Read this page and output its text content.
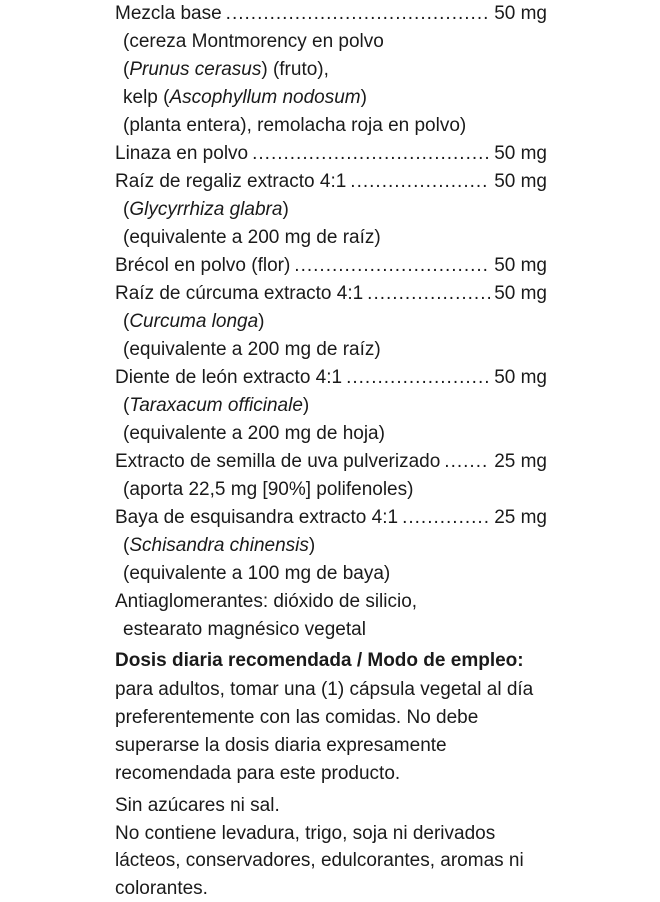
Mezcla base .....	50 mg
(cereza Montmorency en polvo
( Prunus cerasus ) (fruto),
kelp ( Ascophyllum nodosum )
(planta entera), remolacha roja en polvo)
Linaza en polvo .....	50 mg
Raíz de regaliz extracto 4:1 .....	50 mg
( Glycyrrhiza glabra )
(equivalente a 200 mg de raíz)
Brécol en polvo (flor) .....	50 mg
Raíz de cúrcuma extracto 4:1 .....	50 mg
( Curcuma longa )
(equivalente a 200 mg de raíz)
Diente de león extracto 4:1 .....	50 mg
( Taraxacum officinale )
(equivalente a 200 mg de hoja)
Extracto de semilla de uva pulverizado .....	25 mg
(aporta 22,5 mg [90%] polifenoles)
Baya de esquisandra extracto 4:1 .....	25 mg
( Schisandra chinensis )
(equivalente a 100 mg de baya)
Antiaglomerantes: dióxido de silicio,
estearato magnésico vegetal
Dosis diaria recomendada / Modo de empleo:
para adultos, tomar una (1) cápsula vegetal al día
preferentemente con las comidas. No debe
superarse la dosis diaria expresamente
recomendada para este producto.
Sin azúcares ni sal.
No contiene levadura, trigo, soja ni derivados
lácteos, conservadores, edulcorantes, aromas ni
colorantes.
